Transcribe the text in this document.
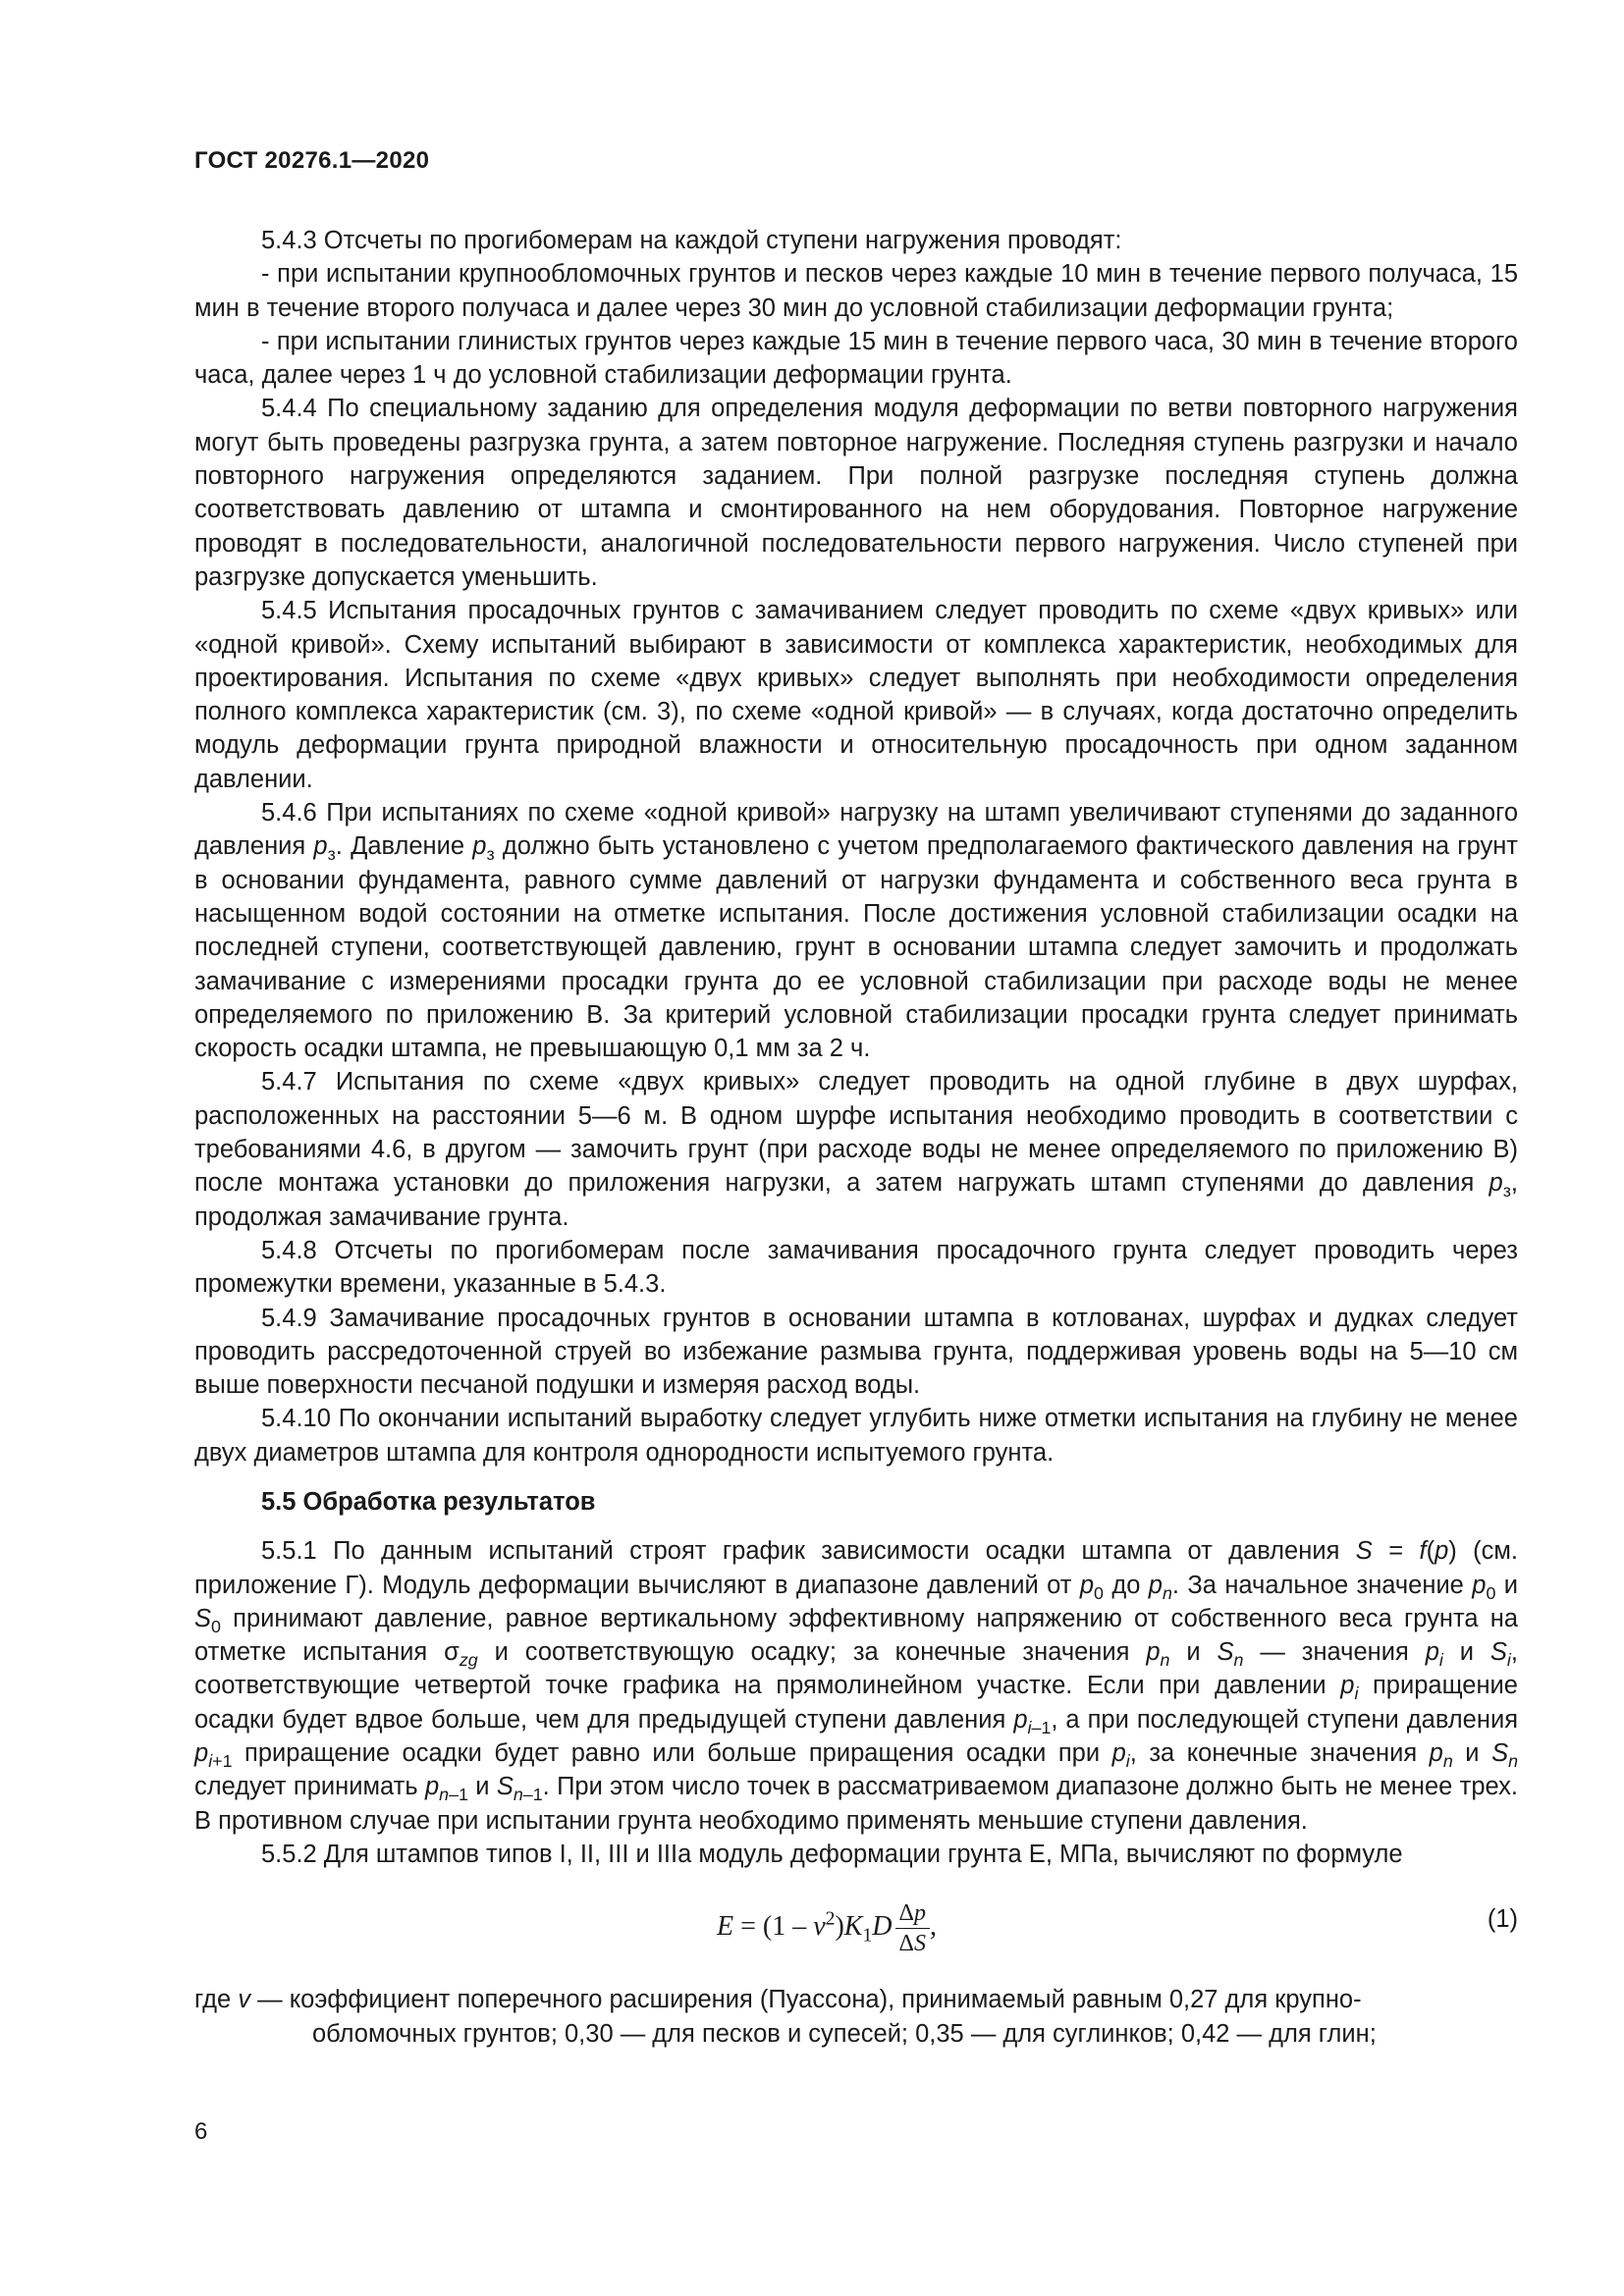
ГОСТ 20276.1—2020

5.4.3 Отсчеты по прогибомерам на каждой ступени нагружения проводят:

- при испытании крупнообломочных грунтов и песков через каждые 10 мин в течение первого получаса, 15 мин в течение второго получаса и далее через 30 мин до условной стабилизации деформации грунта;

- при испытании глинистых грунтов через каждые 15 мин в течение первого часа, 30 мин в течение второго часа, далее через 1 ч до условной стабилизации деформации грунта.

5.4.4 По специальному заданию для определения модуля деформации по ветви повторного нагружения могут быть проведены разгрузка грунта, а затем повторное нагружение. Последняя ступень разгрузки и начало повторного нагружения определяются заданием. При полной разгрузке последняя ступень должна соответствовать давлению от штампа и смонтированного на нем оборудования. Повторное нагружение проводят в последовательности, аналогичной последовательности первого нагружения. Число ступеней при разгрузке допускается уменьшить.

5.4.5 Испытания просадочных грунтов с замачиванием следует проводить по схеме «двух кривых» или «одной кривой». Схему испытаний выбирают в зависимости от комплекса характеристик, необходимых для проектирования. Испытания по схеме «двух кривых» следует выполнять при необходимости определения полного комплекса характеристик (см. 3), по схеме «одной кривой» — в случаях, когда достаточно определить модуль деформации грунта природной влажности и относительную просадочность при одном заданном давлении.

5.4.6 При испытаниях по схеме «одной кривой» нагрузку на штамп увеличивают ступенями до заданного давления $p_з$. Давление $p_з$ должно быть установлено с учетом предполагаемого фактического давления на грунт в основании фундамента, равного сумме давлений от нагрузки фундамента и собственного веса грунта в насыщенном водой состоянии на отметке испытания. После достижения условной стабилизации осадки на последней ступени, соответствующей давлению, грунт в основании штампа следует замочить и продолжать замачивание с измерениями просадки грунта до ее условной стабилизации при расходе воды не менее определяемого по приложению В. За критерий условной стабилизации просадки грунта следует принимать скорость осадки штампа, не превышающую 0,1 мм за 2 ч.

5.4.7 Испытания по схеме «двух кривых» следует проводить на одной глубине в двух шурфах, расположенных на расстоянии 5—6 м. В одном шурфе испытания необходимо проводить в соответствии с требованиями 4.6, в другом — замочить грунт (при расходе воды не менее определяемого по приложению В) после монтажа установки до приложения нагрузки, а затем нагружать штамп ступенями до давления $p_з$, продолжая замачивание грунта.

5.4.8 Отсчеты по прогибомерам после замачивания просадочного грунта следует проводить через промежутки времени, указанные в 5.4.3.

5.4.9 Замачивание просадочных грунтов в основании штампа в котлованах, шурфах и дудках следует проводить рассредоточенной струей во избежание размыва грунта, поддерживая уровень воды на 5—10 см выше поверхности песчаной подушки и измеряя расход воды.

5.4.10 По окончании испытаний выработку следует углубить ниже отметки испытания на глубину не менее двух диаметров штампа для контроля однородности испытуемого грунта.

5.5 Обработка результатов

5.5.1 По данным испытаний строят график зависимости осадки штампа от давления S = f(p) (см. приложение Г). Модуль деформации вычисляют в диапазоне давлений от $p_0$ до $p_n$. За начальное значение $p_0$ и $S_0$ принимают давление, равное вертикальному эффективному напряжению от собственного веса грунта на отметке испытания $\sigma_{zg}$ и соответствующую осадку; за конечные значения $p_n$ и $S_n$ — значения $p_i$ и $S_i$, соответствующие четвертой точке графика на прямолинейном участке. Если при давлении $p_i$ приращение осадки будет вдвое больше, чем для предыдущей ступени давления $p_{i-1}$, а при последующей ступени давления $p_{i+1}$ приращение осадки будет равно или больше приращения осадки при $p_i$, за конечные значения $p_n$ и $S_n$ следует принимать $p_{n-1}$ и $S_{n-1}$. При этом число точек в рассматриваемом диапазоне должно быть не менее трех. В противном случае при испытании грунта необходимо применять меньшие ступени давления.

5.5.2 Для штампов типов I, II, III и IIIa модуль деформации грунта E, МПа, вычисляют по формуле

$E = (1 - v^2)K_1D \frac{\Delta p}{\Delta S}$ ,	(1)

где v — коэффициент поперечного расширения (Пуассона), принимаемый равным 0,27 для крупно-
обломочных грунтов; 0,30 — для песков и супесей; 0,35 — для суглинков; 0,42 — для глин;

6
